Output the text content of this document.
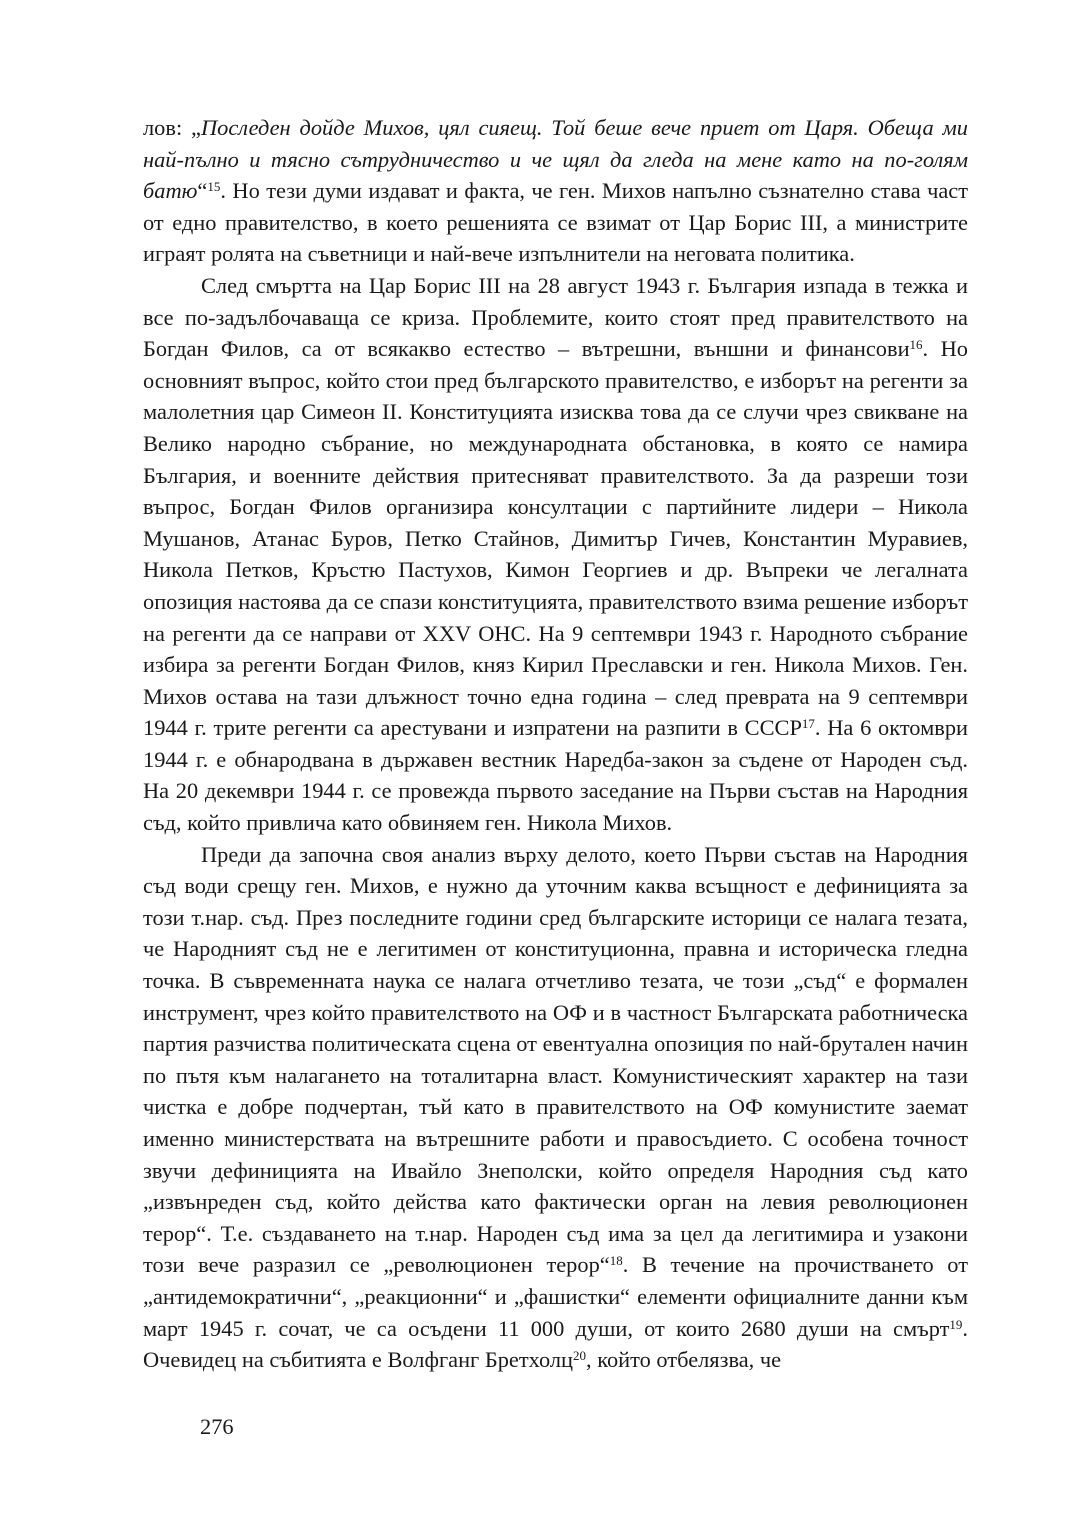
лов: „Последен дойде Михов, цял сияещ. Той беше вече приет от Царя. Обеща ми най-пълно и тясно сътрудничество и че щял да гледа на мене като на по-голям батю“$^{15}$. Но тези думи издават и факта, че ген. Михов напълно съзнателно става част от едно правителство, в което решенията се взимат от Цар Борис III, а министрите играят ролята на съветници и най-вече изпълнители на неговата политика.

След смъртта на Цар Борис III на 28 август 1943 г. България изпада в тежка и все по-задълбочаваща се криза. Проблемите, които стоят пред правителството на Богдан Филов, са от всякакво естество – вътрешни, външни и финансови$^{16}$. Но основният въпрос, който стои пред българското правителство, е изборът на регенти за малолетния цар Симеон II. Конституцията изисква това да се случи чрез свикване на Велико народно събрание, но международната обстановка, в която се намира България, и военните действия притесняват правителството. За да разреши този въпрос, Богдан Филов организира консултации с партийните лидери – Никола Мушанов, Атанас Буров, Петко Стайнов, Димитър Гичев, Константин Муравиев, Никола Петков, Кръстю Пастухов, Кимон Георгиев и др. Въпреки че легалната опозиция настоява да се спази конституцията, правителството взима решение изборът на регенти да се направи от XXV ОНС. На 9 септември 1943 г. Народното събрание избира за регенти Богдан Филов, княз Кирил Преславски и ген. Никола Михов. Ген. Михов остава на тази длъжност точно една година – след превратa на 9 септември 1944 г. трите регенти са арестувани и изпратени на разпити в СССР$^{17}$. На 6 октомври 1944 г. е обнародвана в държавен вестник Наредба-закон за съдене от Народен съд. На 20 декември 1944 г. се провежда първото заседание на Първи състав на Народния съд, който привлича като обвиняем ген. Никола Михов.

Преди да започна своя анализ върху делото, което Първи състав на Народния съд води срещу ген. Михов, е нужно да уточним каква всъщност е дефиницията за този т.нар. съд. През последните години сред българските историци се налага тезата, че Народният съд не е легитимен от конституционна, правна и историческа гледна точка. В съвременната наука се налага отчетливо тезата, че този „съд“ е формален инструмент, чрез който правителството на ОФ и в частност Българската работническа партия разчиства политическата сцена от евентуална опозиция по най-брутален начин по пътя към налагането на тоталитарна власт. Комунистическият характер на тази чистка е добре подчертан, тъй като в правителството на ОФ комунистите заемат именно министерствата на вътрешните работи и правосъдието. С особена точност звучи дефиницията на Ивайло Знеполски, който определя Народния съд като „извънреден съд, който действа като фактически орган на левия революционен терор“. Т.е. създаването на т.нар. Народен съд има за цел да легитимира и узакони този вече разразил се „революционен терор“$^{18}$. В течение на прочистването от „антидемократични“, „реакционни“ и „фашистки“ елементи официалните данни към март 1945 г. сочат, че са осъдени 11 000 души, от които 2680 души на смърт$^{19}$. Очевидец на събитията е Волфганг Бретхолц$^{20}$, който отбелязва, че

276
